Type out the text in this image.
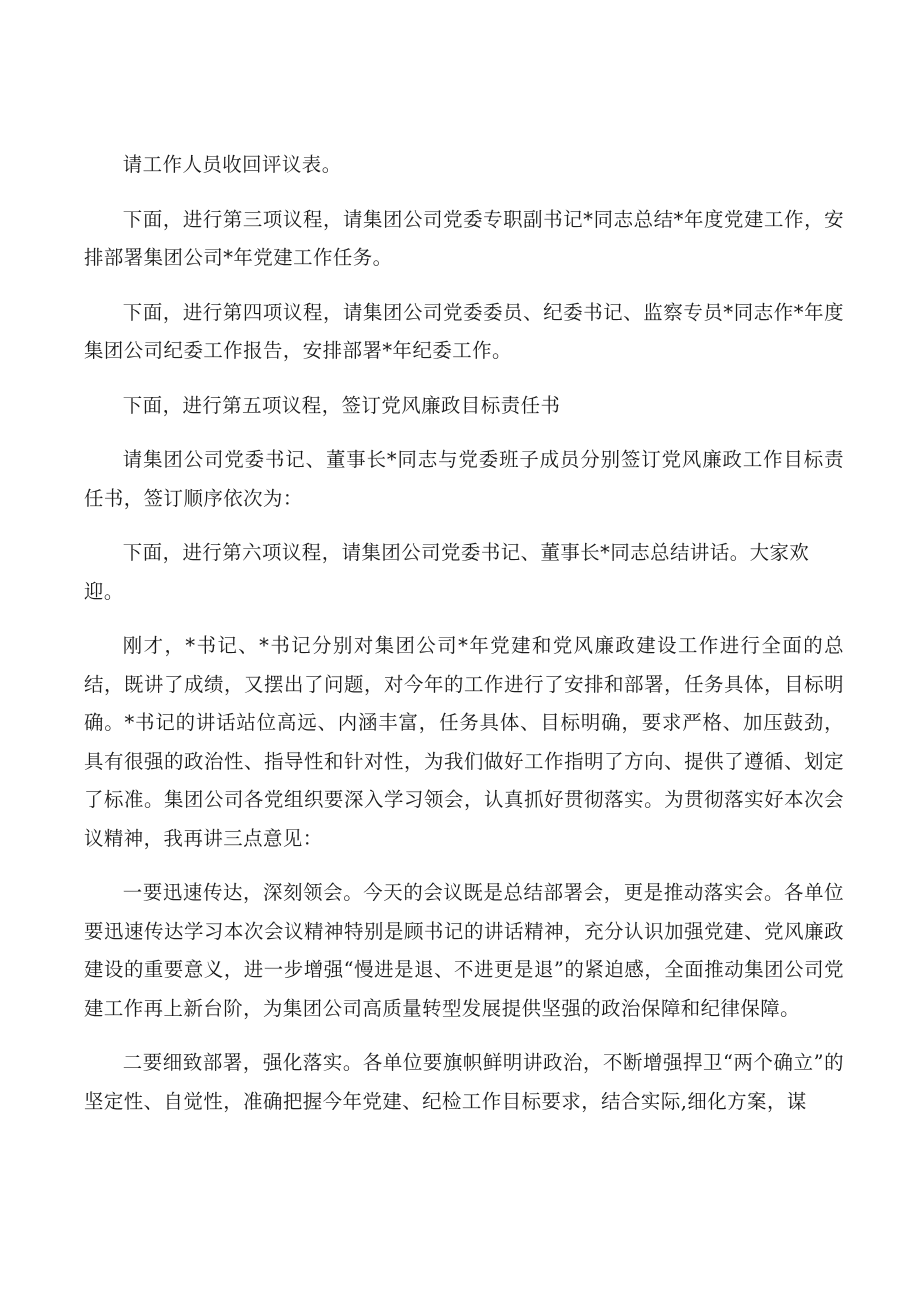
请工作人员收回评议表。

下面，进行第三项议程，请集团公司党委专职副书记*同志总结*年度党建工作，安排部署集团公司*年党建工作任务。

下面，进行第四项议程，请集团公司党委委员、纪委书记、监察专员*同志作*年度集团公司纪委工作报告，安排部署*年纪委工作。

下面，进行第五项议程，签订党风廉政目标责任书

请集团公司党委书记、董事长*同志与党委班子成员分别签订党风廉政工作目标责任书，签订顺序依次为：

下面，进行第六项议程，请集团公司党委书记、董事长*同志总结讲话。大家欢迎。

刚才，*书记、*书记分别对集团公司*年党建和党风廉政建设工作进行全面的总结，既讲了成绩，又摆出了问题，对今年的工作进行了安排和部署，任务具体，目标明确。*书记的讲话站位高远、内涵丰富，任务具体、目标明确，要求严格、加压鼓劲，具有很强的政治性、指导性和针对性，为我们做好工作指明了方向、提供了遵循、划定了标准。集团公司各党组织要深入学习领会，认真抓好贯彻落实。为贯彻落实好本次会议精神，我再讲三点意见：

一要迅速传达，深刻领会。今天的会议既是总结部署会，更是推动落实会。各单位要迅速传达学习本次会议精神特别是顾书记的讲话精神，充分认识加强党建、党风廉政建设的重要意义，进一步增强“慢进是退、不进更是退”的紧迫感，全面推动集团公司党建工作再上新台阶，为集团公司高质量转型发展提供坚强的政治保障和纪律保障。

二要细致部署，强化落实。各单位要旗帜鲜明讲政治，不断增强捍卫“两个确立”的坚定性、自觉性，准确把握今年党建、纪检工作目标要求，结合实际,细化方案，谋
